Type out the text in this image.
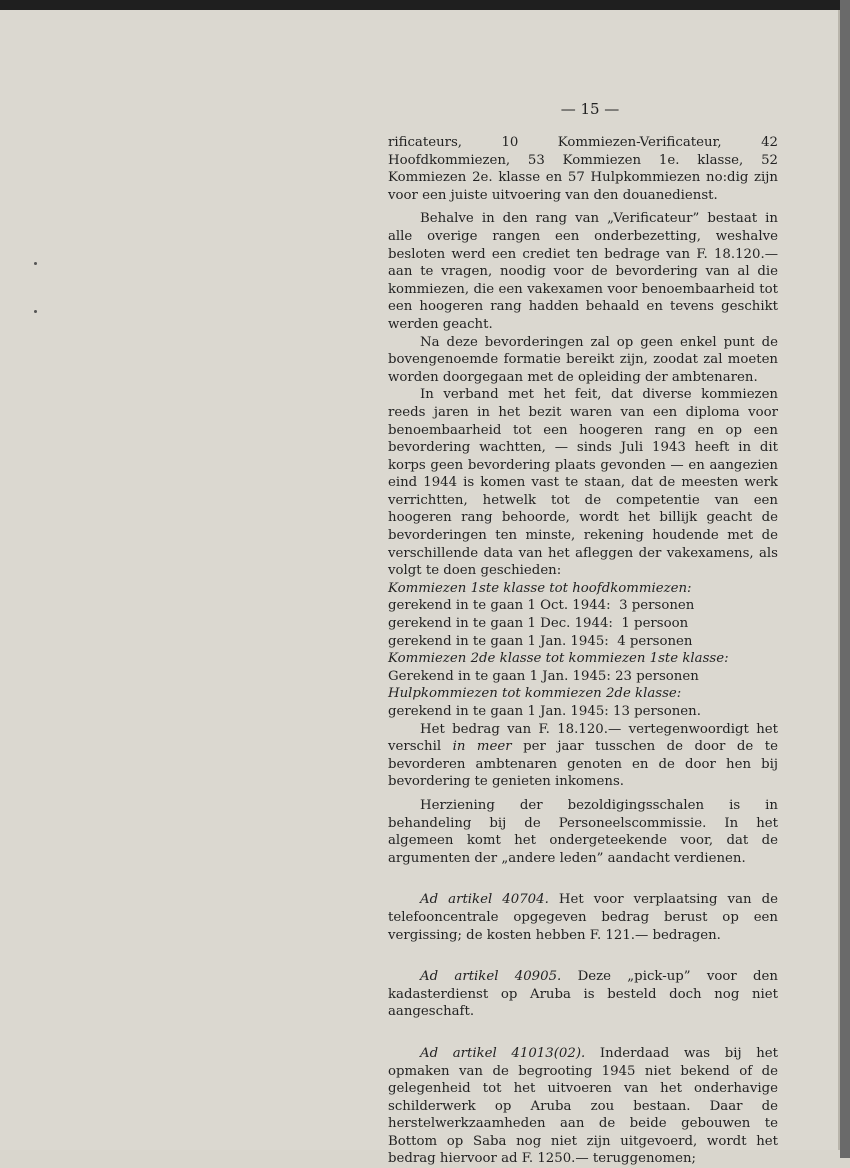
— 15 —

rificateurs, 10 Kommiezen-Verificateur, 42 Hoofdkommiezen, 53 Kommiezen 1e. klasse, 52 Kommiezen 2e. klasse en 57 Hulpkommiezen no:dig zijn voor een juiste uitvoering van den douanedienst.

Behalve in den rang van „Verificateur” bestaat in alle overige rangen een onderbezetting, weshalve besloten werd een crediet ten bedrage van F. 18.120.— aan te vragen, noodig voor de bevordering van al die kommiezen, die een vakexamen voor benoembaarheid tot een hoogeren rang hadden behaald en tevens geschikt werden geacht.

Na deze bevorderingen zal op geen enkel punt de bovengenoemde formatie bereikt zijn, zoodat zal moeten worden doorgegaan met de opleiding der ambtenaren.

In verband met het feit, dat diverse kommiezen reeds jaren in het bezit waren van een diploma voor benoembaarheid tot een hoogeren rang en op een bevordering wachtten, — sinds Juli 1943 heeft in dit korps geen bevordering plaats gevonden — en aangezien eind 1944 is komen vast te staan, dat de meesten werk verrichtten, hetwelk tot de competentie van een hoogeren rang behoorde, wordt het billijk geacht de bevorderingen ten minste, rekening houdende met de verschillende data van het afleggen der vakexamens, als volgt te doen geschieden:

Kommiezen 1ste klasse tot hoofdkommiezen:

gerekend in te gaan 1 Oct. 1944:  3 personen

gerekend in te gaan 1 Dec. 1944:  1 persoon

gerekend in te gaan 1 Jan. 1945:  4 personen

Kommiezen 2de klasse tot kommiezen 1ste klasse:

Gerekend in te gaan 1 Jan. 1945: 23 personen

Hulpkommiezen tot kommiezen 2de klasse:

gerekend in te gaan 1 Jan. 1945: 13 personen.

Het bedrag van F. 18.120.— vertegenwoordigt het verschil in meer per jaar tusschen de door de te bevorderen ambtenaren genoten en de door hen bij bevordering te genieten inkomens.

Herziening der bezoldigingsschalen is in behandeling bij de Personeelscommissie. In het algemeen komt het ondergeteekende voor, dat de argumenten der „andere leden” aandacht verdienen.

Ad artikel 40704. Het voor verplaatsing van de telefooncentrale opgegeven bedrag berust op een vergissing; de kosten hebben F. 121.— bedragen.

Ad artikel 40905. Deze „pick-up” voor den kadasterdienst op Aruba is besteld doch nog niet aangeschaft.

Ad artikel 41013(02). Inderdaad was bij het opmaken van de begrooting 1945 niet bekend of de gelegenheid tot het uitvoeren van het onderhavige schilderwerk op Aruba zou bestaan. Daar de herstelwerkzaamheden aan de beide gebouwen te Bottom op Saba nog niet zijn uitgevoerd, wordt het bedrag hiervoor ad F. 1250.— teruggenomen;
